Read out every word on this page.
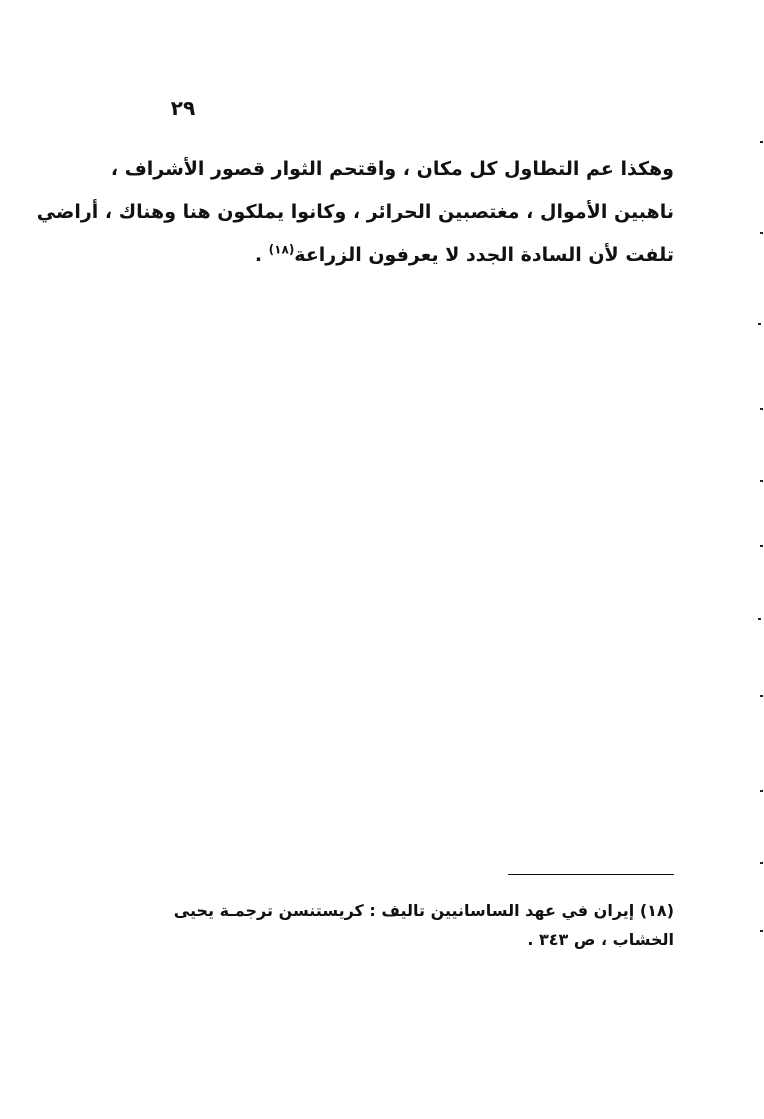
٢٩
وهكذا عم التطاول كل مكان ، واقتحم الثوار قصور الأشراف ،
ناهبين الأموال ، مغتصبين الحرائر ، وكانوا يملكون هنا وهناك ، أراضي
تلفت لأن السادة الجدد لا يعرفون الزراعة$^{(١٨)}$ .
(١٨) إيران في عهد الساسانيين تاليف : كريستنسن ترجمـة يحيى
الخشاب ، ص ٣٤٣ .
